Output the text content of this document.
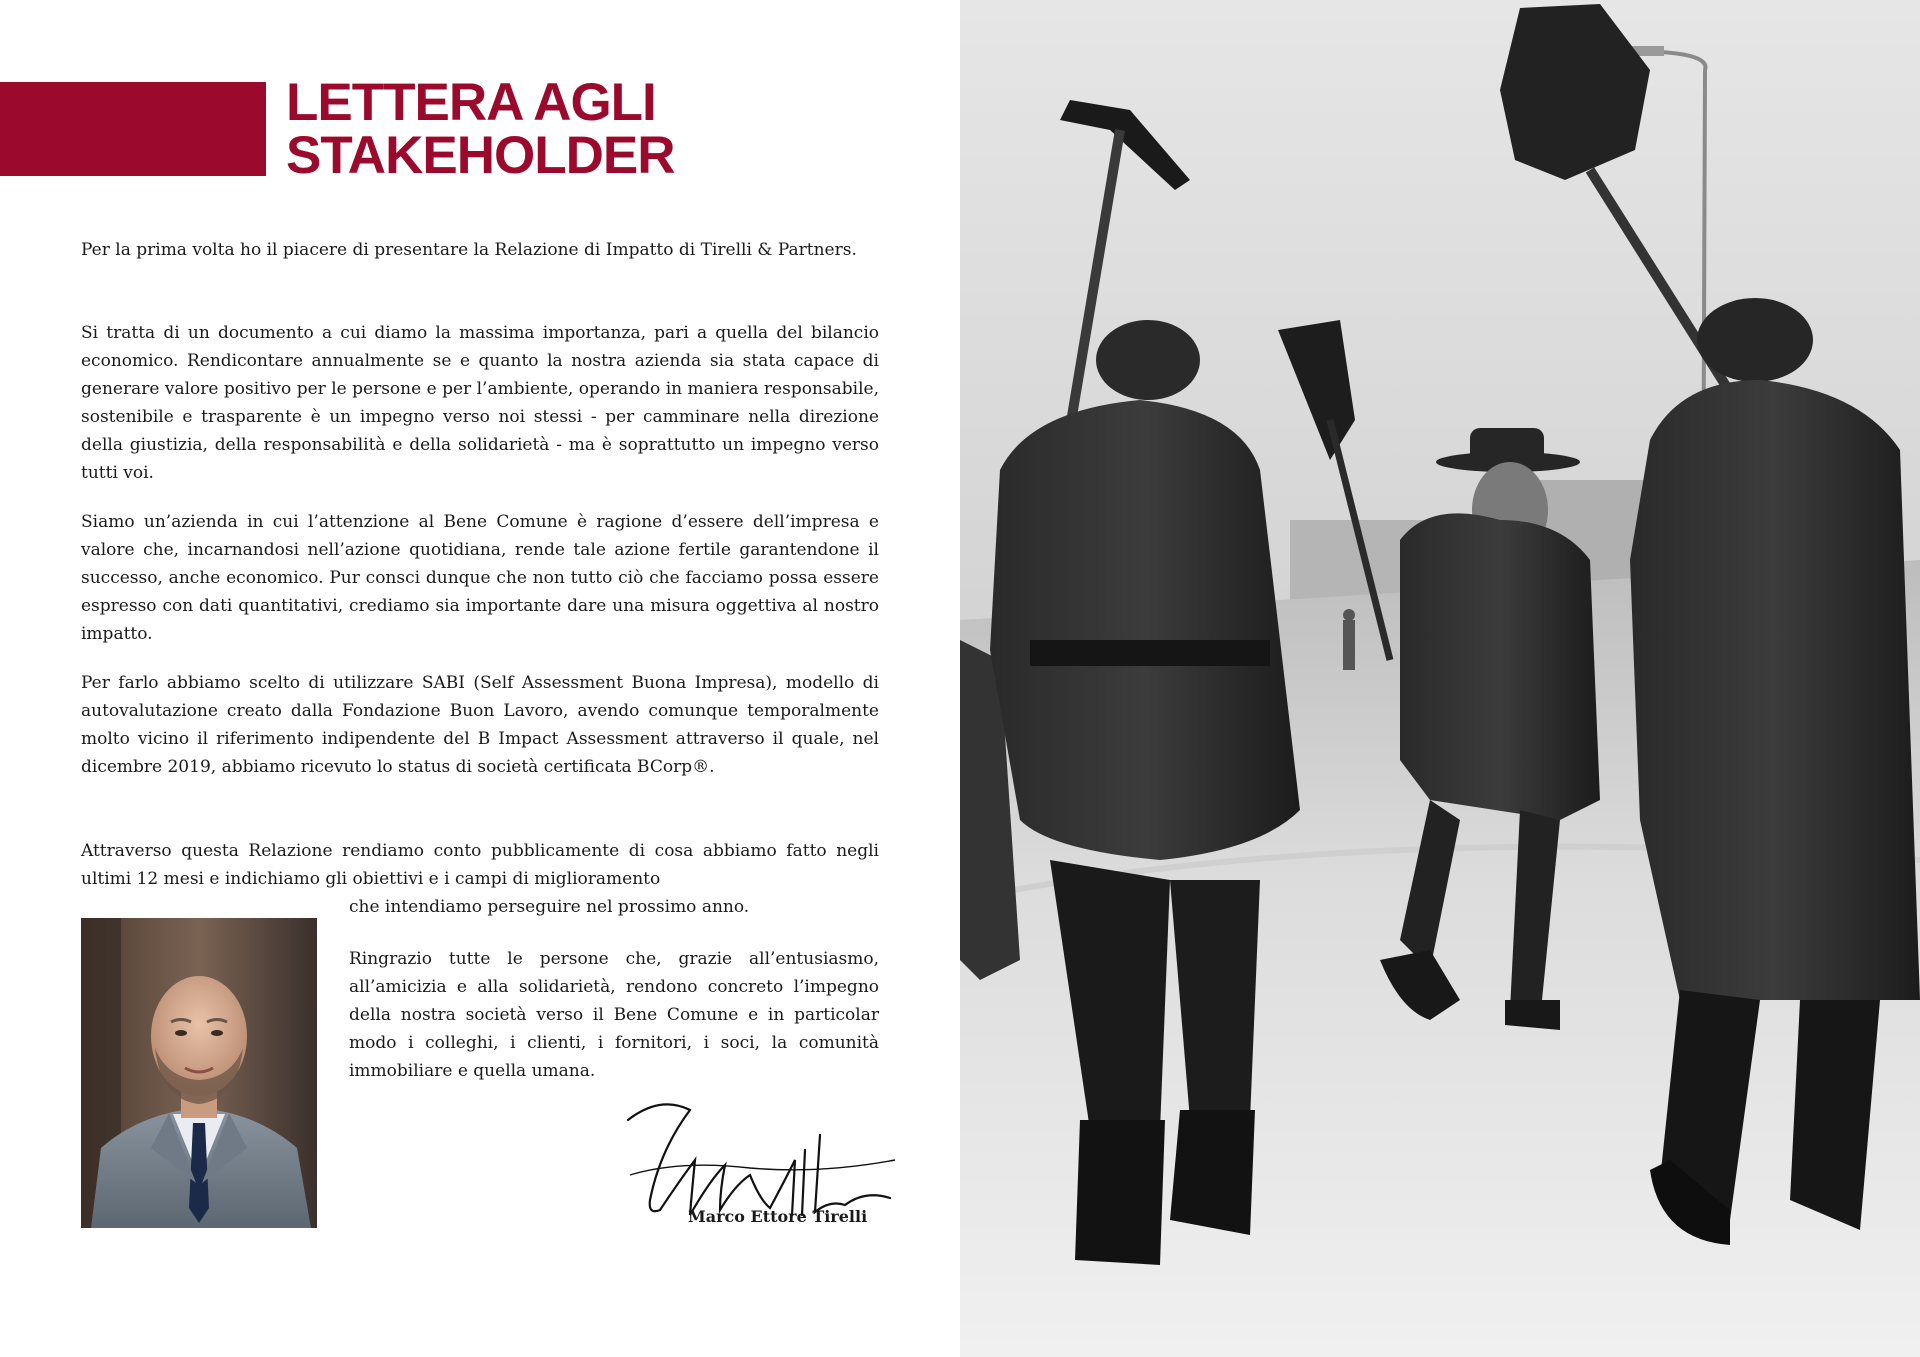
LETTERA AGLI
STAKEHOLDER

Per la prima volta ho il piacere di presentare la Relazione di Impatto di Tirelli & Partners.

Si tratta di un documento a cui diamo la massima importanza, pari a quella del bilancio economico. Rendicontare annualmente se e quanto la nostra azienda sia stata capace di generare valore positivo per le persone e per l’ambiente, operando in maniera responsabile, sostenibile e trasparente è un impegno verso noi stessi - per camminare nella direzione della giustizia, della responsabilità e della solidarietà - ma è soprattutto un impegno verso tutti voi.

Siamo un’azienda in cui l’attenzione al Bene Comune è ragione d’essere dell’impresa e valore che, incarnandosi nell’azione quotidiana, rende tale azione fertile garantendone il successo, anche economico. Pur consci dunque che non tutto ciò che facciamo possa essere espresso con dati quantitativi, crediamo sia importante dare una misura oggettiva al nostro impatto.

Per farlo abbiamo scelto di utilizzare SABI (Self Assessment Buona Impresa), modello di autovalutazione creato dalla Fondazione Buon Lavoro, avendo comunque temporalmente molto vicino il riferimento indipendente del B Impact Assessment attraverso il quale, nel dicembre 2019, abbiamo ricevuto lo status di società certificata BCorp®.

Attraverso questa Relazione rendiamo conto pubblicamente di cosa abbiamo fatto negli ultimi 12 mesi e indichiamo gli obiettivi e i campi di miglioramento

che intendiamo perseguire nel prossimo anno.

Ringrazio tutte le persone che, grazie all’entusiasmo, all’amicizia e alla solidarietà, rendono concreto l’impegno della nostra società verso il Bene Comune e in particolar modo i colleghi, i clienti, i fornitori, i soci, la comunità immobiliare e quella umana.

Marco Ettore Tirelli
